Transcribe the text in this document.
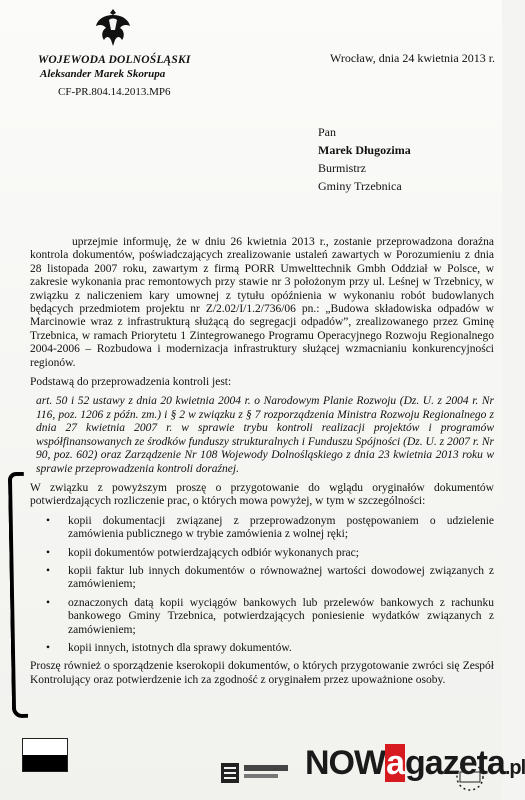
WOJEWODA DOLNOŚLĄSKI
Aleksander Marek Skorupa
CF-PR.804.14.2013.MP6
Wrocław, dnia 24 kwietnia 2013 r.
Pan
Marek Długozima
Burmistrz
Gminy Trzebnica

uprzejmie informuję, że w dniu 26 kwietnia 2013 r., zostanie przeprowadzona doraźna kontrola dokumentów, poświadczających zrealizowanie ustaleń zawartych w Porozumieniu z dnia 28 listopada 2007 roku, zawartym z firmą PORR Umwelttechnik Gmbh Oddział w Polsce, w zakresie wykonania prac remontowych przy stawie nr 3 położonym przy ul. Leśnej w Trzebnicy, w związku z naliczeniem kary umownej z tytułu opóźnienia w wykonaniu robót budowlanych będących przedmiotem projektu nr Z/2.02/I/1.2/736/06 pn.: „Budowa składowiska odpadów w Marcinowie wraz z infrastrukturą służącą do segregacji odpadów”, zrealizowanego przez Gminę Trzebnica, w ramach Priorytetu 1 Zintegrowanego Programu Operacyjnego Rozwoju Regionalnego 2004-2006 – Rozbudowa i modernizacja infrastruktury służącej wzmacnianiu konkurencyjności regionów.

Podstawą do przeprowadzenia kontroli jest:

art. 50 i 52 ustawy z dnia 20 kwietnia 2004 r. o Narodowym Planie Rozwoju (Dz. U. z 2004 r. Nr 116, poz. 1206 z późn. zm.) i § 2 w związku z § 7 rozporządzenia Ministra Rozwoju Regionalnego z dnia 27 kwietnia 2007 r. w sprawie trybu kontroli realizacji projektów i programów współfinansowanych ze środków funduszy strukturalnych i Funduszu Spójności (Dz. U. z 2007 r. Nr 90, poz. 602) oraz Zarządzenie Nr 108 Wojewody Dolnośląskiego z dnia 23 kwietnia 2013 roku w sprawie przeprowadzenia kontroli doraźnej.

W związku z powyższym proszę o przygotowanie do wglądu oryginałów dokumentów potwierdzających rozliczenie prac, o których mowa powyżej, w tym w szczególności:

• kopii dokumentacji związanej z przeprowadzonym postępowaniem o udzielenie zamówienia publicznego w trybie zamówienia z wolnej ręki;
• kopii dokumentów potwierdzających odbiór wykonanych prac;
• kopii faktur lub innych dokumentów o równoważnej wartości dowodowej związanych z zamówieniem;
• oznaczonych datą kopii wyciągów bankowych lub przelewów bankowych z rachunku bankowego Gminy Trzebnica, potwierdzających poniesienie wydatków związanych z zamówieniem;
• kopii innych, istotnych dla sprawy dokumentów.

Proszę również o sporządzenie kserokopii dokumentów, o których przygotowanie zwróci się Zespół Kontrolujący oraz potwierdzenie ich za zgodność z oryginałem przez upoważnione osoby.

NOWagazeta.pl
